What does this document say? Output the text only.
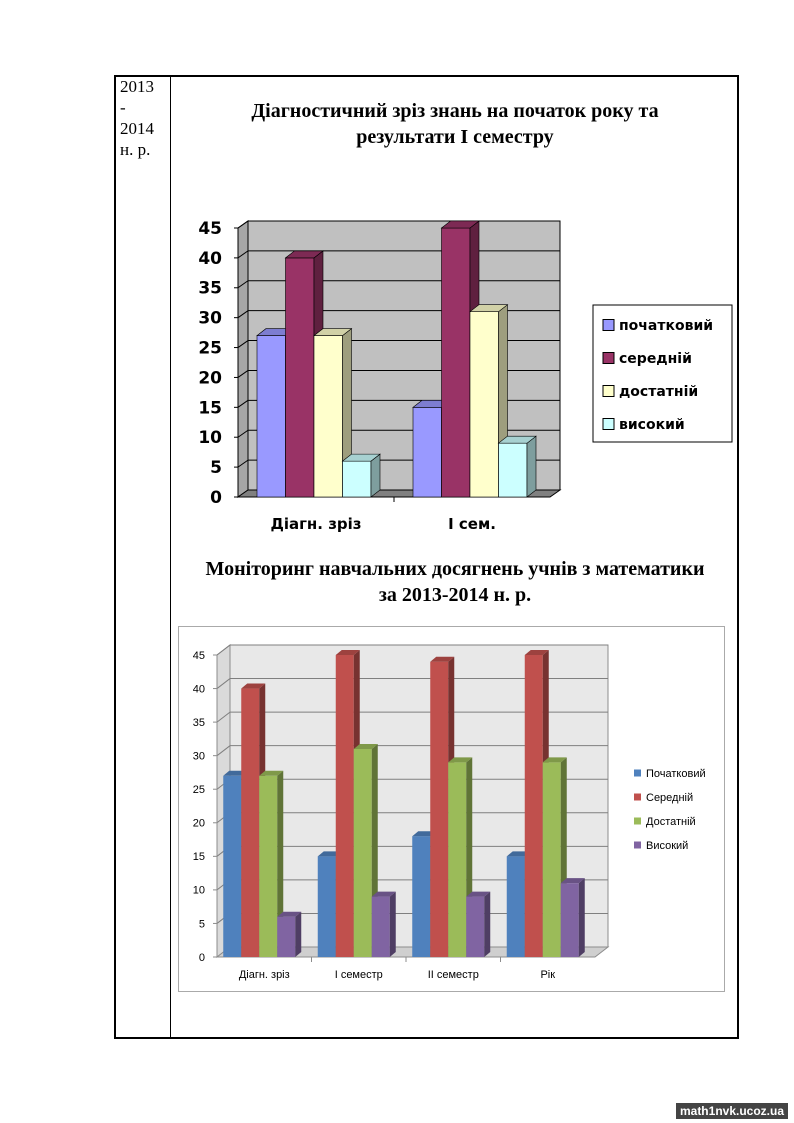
2013
-
2014
н. р.
Діагностичний зріз знань на початок року та
результати І семестру
Моніторинг навчальних досягнень учнів з математики
за 2013-2014 н. р.
0
5
10
15
20
25
30
35
40
45
Діагн. зріз	І сем.
початковий
середній
достатній
високий
0
5
10
15
20
25
30
35
40
45
Діагн. зріз	І семестр	ІІ семестр	Рік
Початковий
Середній
Достатній
Високий
math1nvk.ucoz.ua
